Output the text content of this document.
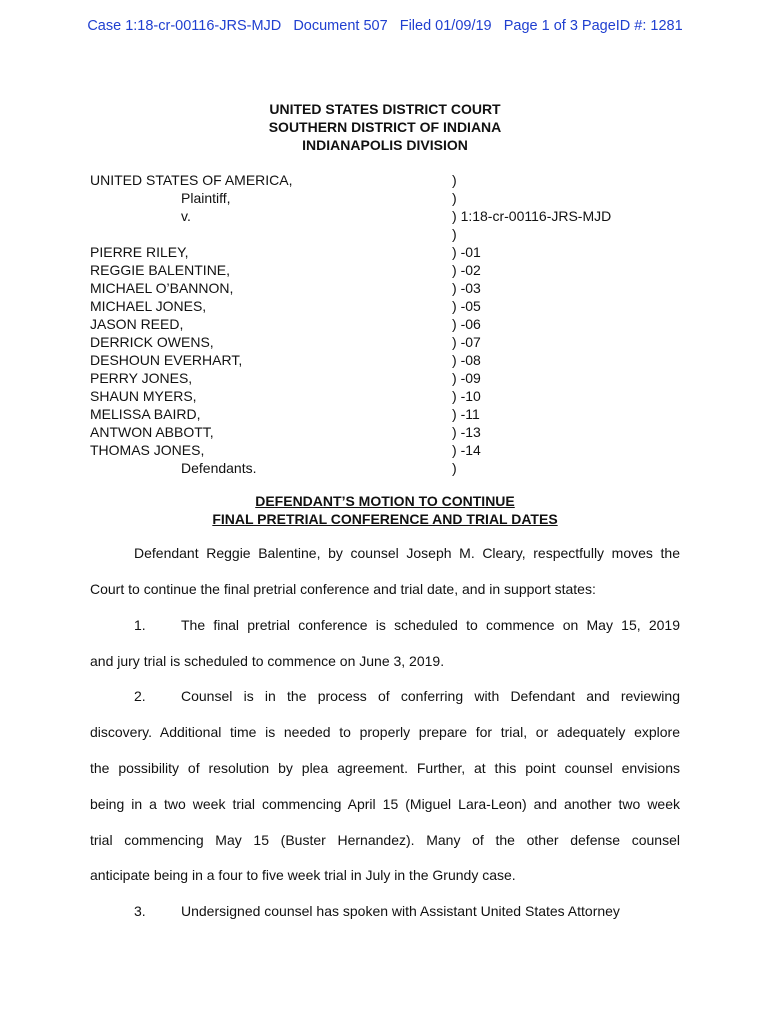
Case 1:18-cr-00116-JRS-MJD   Document 507   Filed 01/09/19   Page 1 of 3 PageID #: 1281
UNITED STATES DISTRICT COURT
SOUTHERN DISTRICT OF INDIANA
INDIANAPOLIS DIVISION
UNITED STATES OF AMERICA,	)
Plaintiff,	)
v.	) 1:18-cr-00116-JRS-MJD
)
PIERRE RILEY,	) -01
REGGIE BALENTINE,	) -02
MICHAEL O’BANNON,	) -03
MICHAEL JONES,	) -05
JASON REED,	) -06
DERRICK OWENS,	) -07
DESHOUN EVERHART,	) -08
PERRY JONES,	) -09
SHAUN MYERS,	) -10
MELISSA BAIRD,	) -11
ANTWON ABBOTT,	) -13
THOMAS JONES,	) -14
Defendants.	)
DEFENDANT’S MOTION TO CONTINUE
FINAL PRETRIAL CONFERENCE AND TRIAL DATES
Defendant Reggie Balentine, by counsel Joseph M. Cleary, respectfully moves the
Court to continue the final pretrial conference and trial date, and in support states:
1.	The final pretrial conference is scheduled to commence on May 15, 2019
and jury trial is scheduled to commence on June 3, 2019.
2.	Counsel is in the process of conferring with Defendant and reviewing
discovery. Additional time is needed to properly prepare for trial, or adequately explore
the possibility of resolution by plea agreement. Further, at this point counsel envisions
being in a two week trial commencing April 15 (Miguel Lara-Leon) and another two week
trial commencing May 15 (Buster Hernandez). Many of the other defense counsel
anticipate being in a four to five week trial in July in the Grundy case.
3.	Undersigned counsel has spoken with Assistant United States Attorney
